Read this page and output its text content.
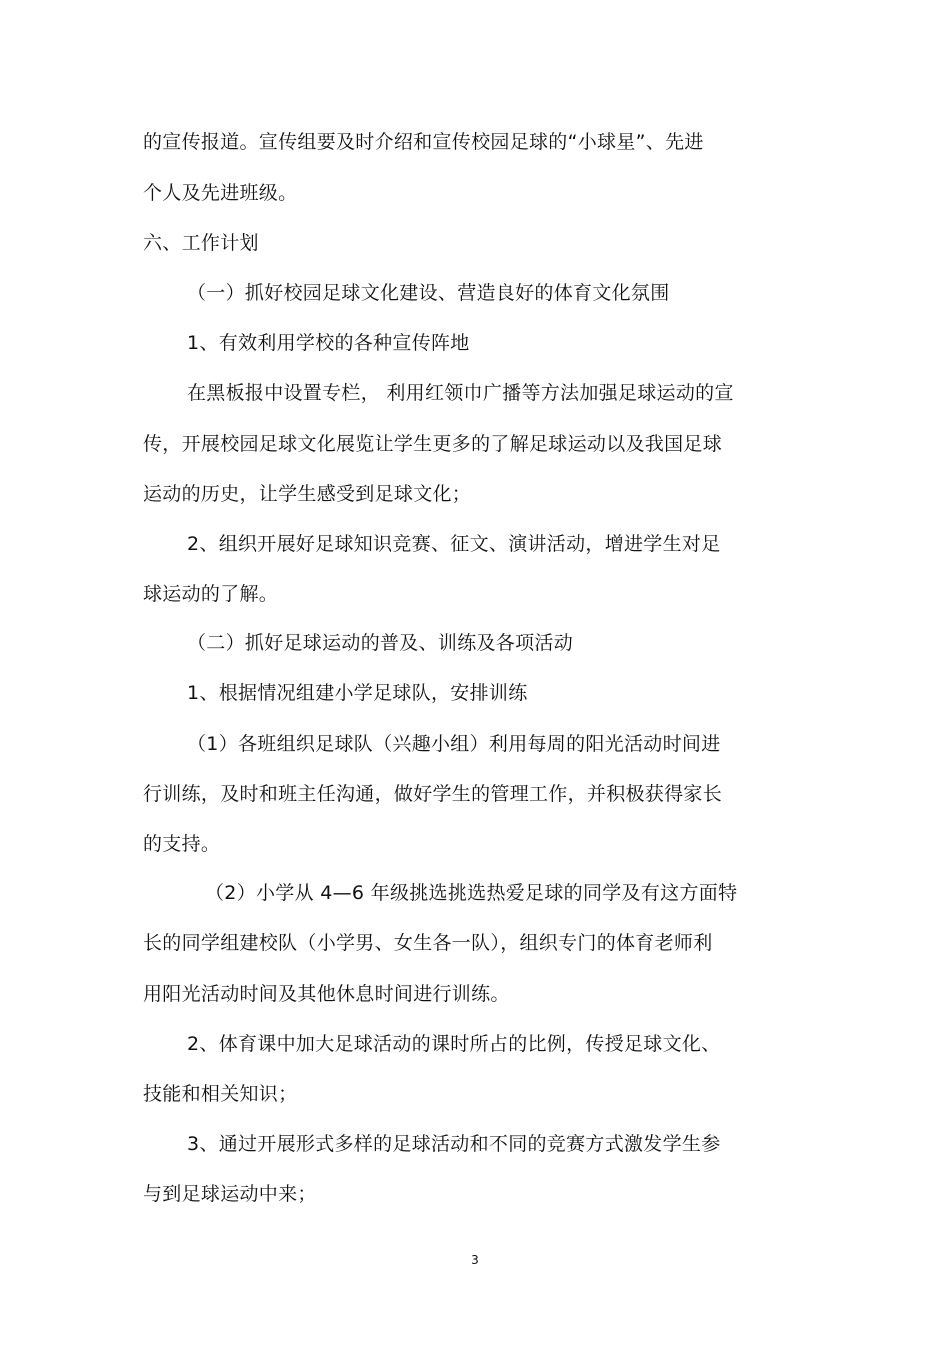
的宣传报道。宣传组要及时介绍和宣传校园足球的“小球星”、先进
个人及先进班级。
六、工作计划
（一）抓好校园足球文化建设、营造良好的体育文化氛围
1、有效利用学校的各种宣传阵地
在黑板报中设置专栏， 利用红领巾广播等方法加强足球运动的宣
传，开展校园足球文化展览让学生更多的了解足球运动以及我国足球
运动的历史，让学生感受到足球文化；
2、组织开展好足球知识竞赛、征文、演讲活动，增进学生对足
球运动的了解。
（二）抓好足球运动的普及、训练及各项活动
1、根据情况组建小学足球队，安排训练
（1）各班组织足球队（兴趣小组）利用每周的阳光活动时间进
行训练，及时和班主任沟通，做好学生的管理工作，并积极获得家长
的支持。
（2）小学从 4—6 年级挑选挑选热爱足球的同学及有这方面特
长的同学组建校队（小学男、女生各一队），组织专门的体育老师利
用阳光活动时间及其他休息时间进行训练。
2、体育课中加大足球活动的课时所占的比例，传授足球文化、
技能和相关知识；
3、通过开展形式多样的足球活动和不同的竞赛方式激发学生参
与到足球运动中来；
3
